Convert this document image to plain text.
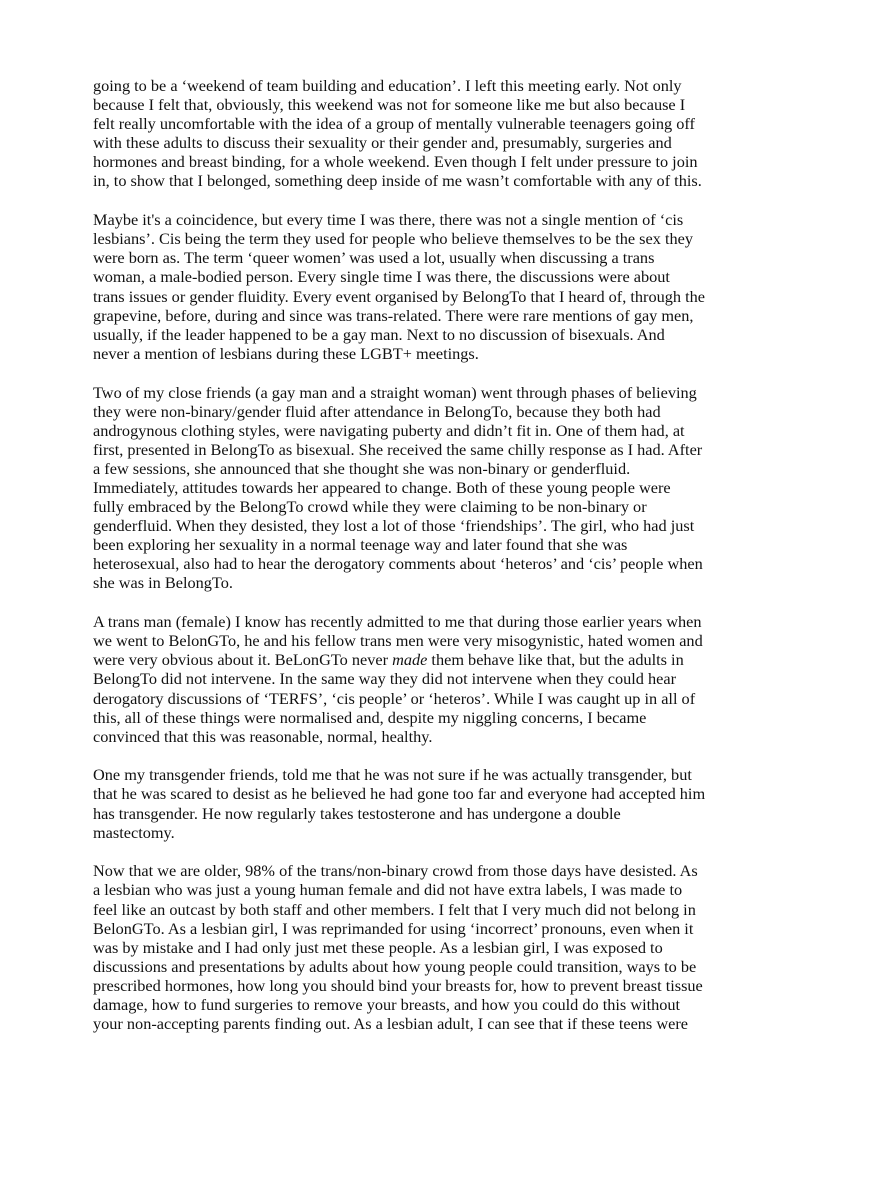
going to be a ‘weekend of team building and education’. I left this meeting early. Not only
because I felt that, obviously, this weekend was not for someone like me but also because I
felt really uncomfortable with the idea of a group of mentally vulnerable teenagers going off
with these adults to discuss their sexuality or their gender and, presumably, surgeries and
hormones and breast binding, for a whole weekend. Even though I felt under pressure to join
in, to show that I belonged, something deep inside of me wasn’t comfortable with any of this.

Maybe it's a coincidence, but every time I was there, there was not a single mention of ‘cis
lesbians’. Cis being the term they used for people who believe themselves to be the sex they
were born as. The term ‘queer women’ was used a lot, usually when discussing a trans
woman, a male-bodied person. Every single time I was there, the discussions were about
trans issues or gender fluidity. Every event organised by BelongTo that I heard of, through the
grapevine, before, during and since was trans-related. There were rare mentions of gay men,
usually, if the leader happened to be a gay man. Next to no discussion of bisexuals. And
never a mention of lesbians during these LGBT+ meetings.

Two of my close friends (a gay man and a straight woman) went through phases of believing
they were non-binary/gender fluid after attendance in BelongTo, because they both had
androgynous clothing styles, were navigating puberty and didn’t fit in. One of them had, at
first, presented in BelongTo as bisexual. She received the same chilly response as I had. After
a few sessions, she announced that she thought she was non-binary or genderfluid.
Immediately, attitudes towards her appeared to change. Both of these young people were
fully embraced by the BelongTo crowd while they were claiming to be non-binary or
genderfluid. When they desisted, they lost a lot of those ‘friendships’. The girl, who had just
been exploring her sexuality in a normal teenage way and later found that she was
heterosexual, also had to hear the derogatory comments about ‘heteros’ and ‘cis’ people when
she was in BelongTo.

A trans man (female) I know has recently admitted to me that during those earlier years when
we went to BelonGTo, he and his fellow trans men were very misogynistic, hated women and
were very obvious about it. BeLonGTo never made them behave like that, but the adults in
BelongTo did not intervene. In the same way they did not intervene when they could hear
derogatory discussions of ‘TERFS’, ‘cis people’ or ‘heteros’. While I was caught up in all of
this, all of these things were normalised and, despite my niggling concerns, I became
convinced that this was reasonable, normal, healthy.

One my transgender friends, told me that he was not sure if he was actually transgender, but
that he was scared to desist as he believed he had gone too far and everyone had accepted him
has transgender. He now regularly takes testosterone and has undergone a double
mastectomy.

Now that we are older, 98% of the trans/non-binary crowd from those days have desisted. As
a lesbian who was just a young human female and did not have extra labels, I was made to
feel like an outcast by both staff and other members. I felt that I very much did not belong in
BelonGTo. As a lesbian girl, I was reprimanded for using ‘incorrect’ pronouns, even when it
was by mistake and I had only just met these people. As a lesbian girl, I was exposed to
discussions and presentations by adults about how young people could transition, ways to be
prescribed hormones, how long you should bind your breasts for, how to prevent breast tissue
damage, how to fund surgeries to remove your breasts, and how you could do this without
your non-accepting parents finding out. As a lesbian adult, I can see that if these teens were
